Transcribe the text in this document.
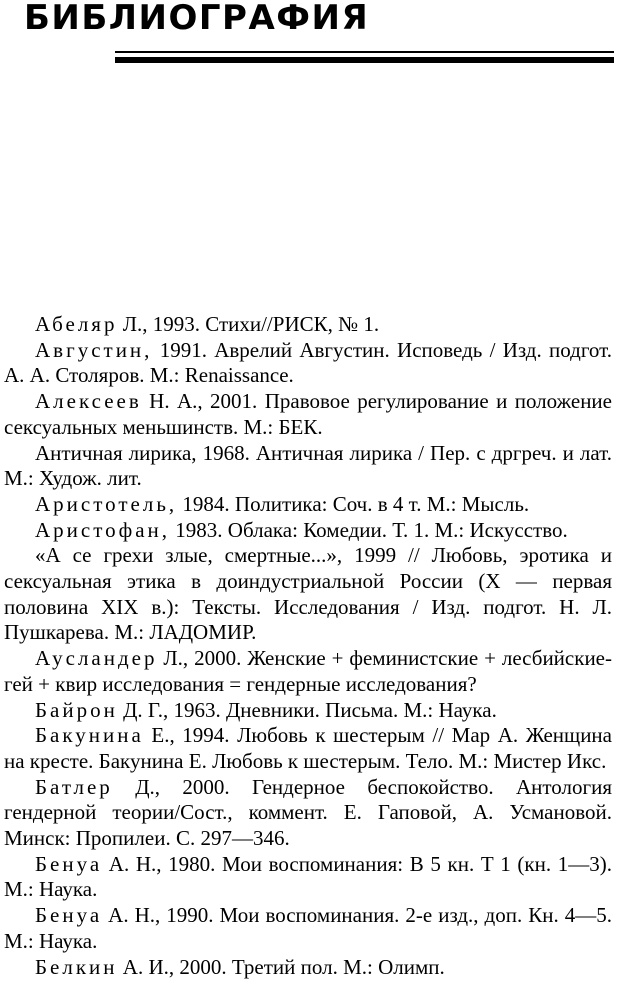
БИБЛИОГРАФИЯ

Абеляр Л., 1993. Стихи//РИСК, № 1.

Августин, 1991. Аврелий Августин. Исповедь / Изд. подгот. А. А. Столяров. М.: Renaissance.

Алексеев Н. А., 2001. Правовое регулирование и положение сексуальных меньшинств. М.: БЕК.

Античная лирика, 1968. Античная лирика / Пер. с дргреч. и лат. М.: Худож. лит.

Аристотель, 1984. Политика: Соч. в 4 т. М.: Мысль.

Аристофан, 1983. Облака: Комедии. Т. 1. М.: Искусство.

«А се грехи злые, смертные...», 1999 // Любовь, эротика и сексуальная этика в доиндустриальной России (X — первая половина XIX в.): Тексты. Исследования / Изд. подгот. Н. Л. Пушкарева. М.: ЛАДОМИР.

Аусландер Л., 2000. Женские + феминистские + лесбийские-гей + квир исследования = гендерные исследования?

Байрон Д. Г., 1963. Дневники. Письма. М.: Наука.

Бакунина Е., 1994. Любовь к шестерым // Мар А. Женщина на кресте. Бакунина Е. Любовь к шестерым. Тело. М.: Мистер Икс.

Батлер Д., 2000. Гендерное беспокойство. Антология гендерной теории/Сост., коммент. Е. Гаповой, А. Усмановой. Минск: Пропилеи. С. 297—346.

Бенуа А. Н., 1980. Мои воспоминания: В 5 кн. Т 1 (кн. 1—3). М.: Наука.

Бенуа А. Н., 1990. Мои воспоминания. 2-е изд., доп. Кн. 4—5. М.: Наука.

Белкин А. И., 2000. Третий пол. М.: Олимп.
